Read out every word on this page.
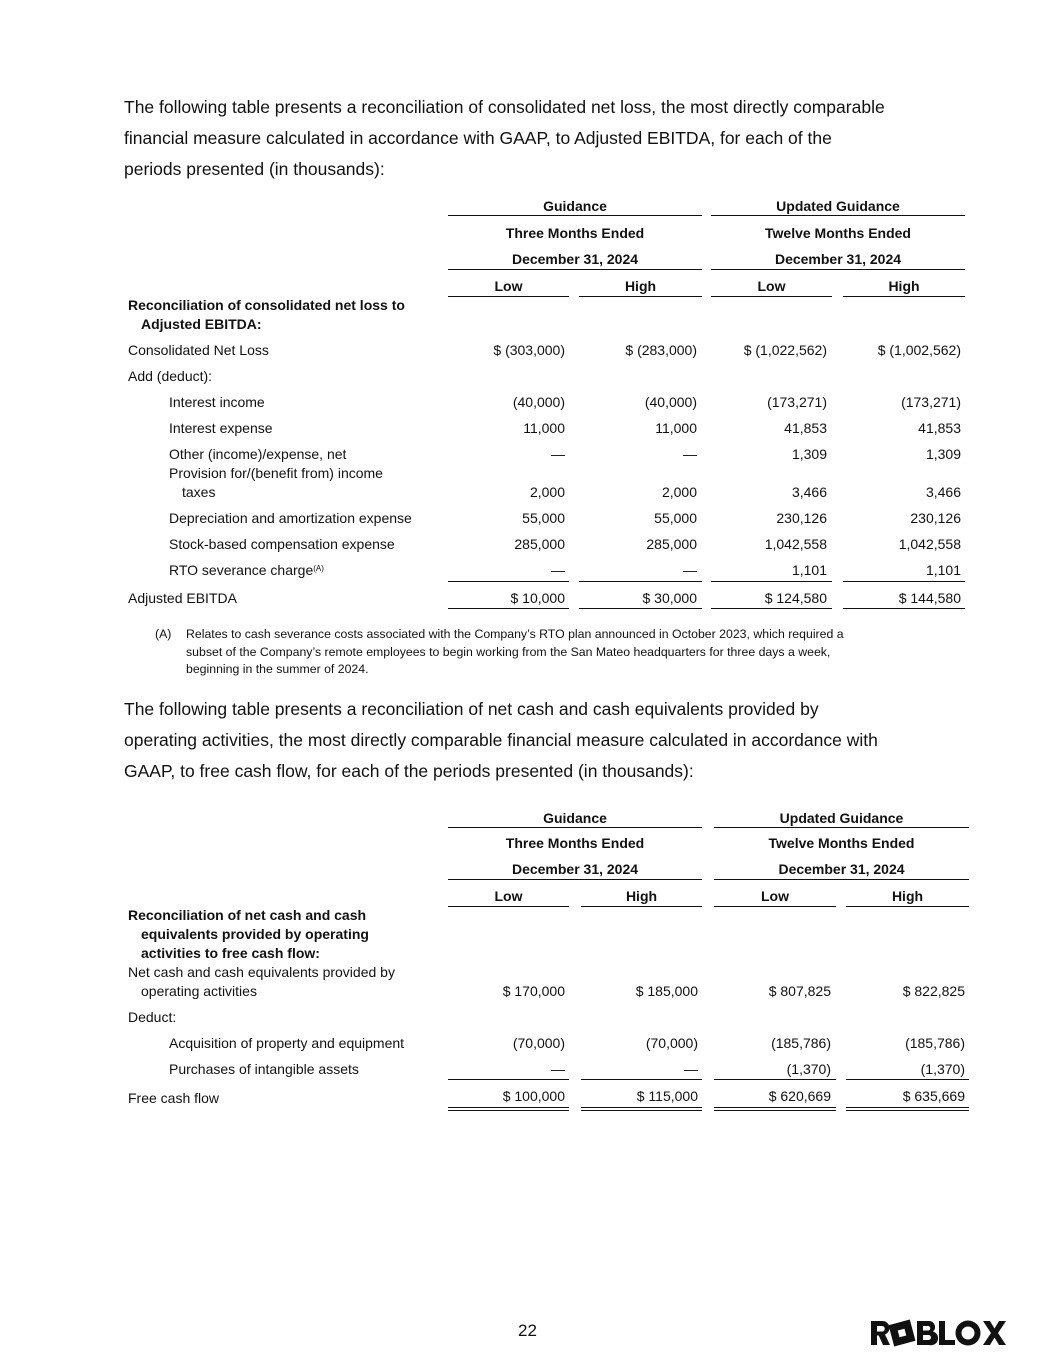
The following table presents a reconciliation of consolidated net loss, the most directly comparable
financial measure calculated in accordance with GAAP, to Adjusted EBITDA, for each of the
periods presented (in thousands):
Guidance	Updated Guidance
Three Months Ended	Twelve Months Ended
December 31, 2024	December 31, 2024
Low	High	Low	High
Reconciliation of consolidated net loss to
Adjusted EBITDA:
Consolidated Net Loss	$ (303,000)	$ (283,000)	$ (1,022,562)	$ (1,002,562)
Add (deduct):
Interest income	(40,000)	(40,000)	(173,271)	(173,271)
Interest expense	11,000	11,000	41,853	41,853
Other (income)/expense, net	—	—	1,309	1,309
Provision for/(benefit from) income
taxes	2,000	2,000	3,466	3,466
Depreciation and amortization expense	55,000	55,000	230,126	230,126
Stock-based compensation expense	285,000	285,000	1,042,558	1,042,558
RTO severance charge$^{(A)}$	—	—	1,101	1,101
Adjusted EBITDA	$ 10,000	$ 30,000	$ 124,580	$ 144,580
(A) Relates to cash severance costs associated with the Company’s RTO plan announced in October 2023, which required a
subset of the Company’s remote employees to begin working from the San Mateo headquarters for three days a week,
beginning in the summer of 2024.
The following table presents a reconciliation of net cash and cash equivalents provided by
operating activities, the most directly comparable financial measure calculated in accordance with
GAAP, to free cash flow, for each of the periods presented (in thousands):
Guidance	Updated Guidance
Three Months Ended	Twelve Months Ended
December 31, 2024	December 31, 2024
Low	High	Low	High
Reconciliation of net cash and cash
equivalents provided by operating
activities to free cash flow:
Net cash and cash equivalents provided by
operating activities	$ 170,000	$ 185,000	$ 807,825	$ 822,825
Deduct:
Acquisition of property and equipment	(70,000)	(70,000)	(185,786)	(185,786)
Purchases of intangible assets	—	—	(1,370)	(1,370)
Free cash flow	$ 100,000	$ 115,000	$ 620,669	$ 635,669
22
